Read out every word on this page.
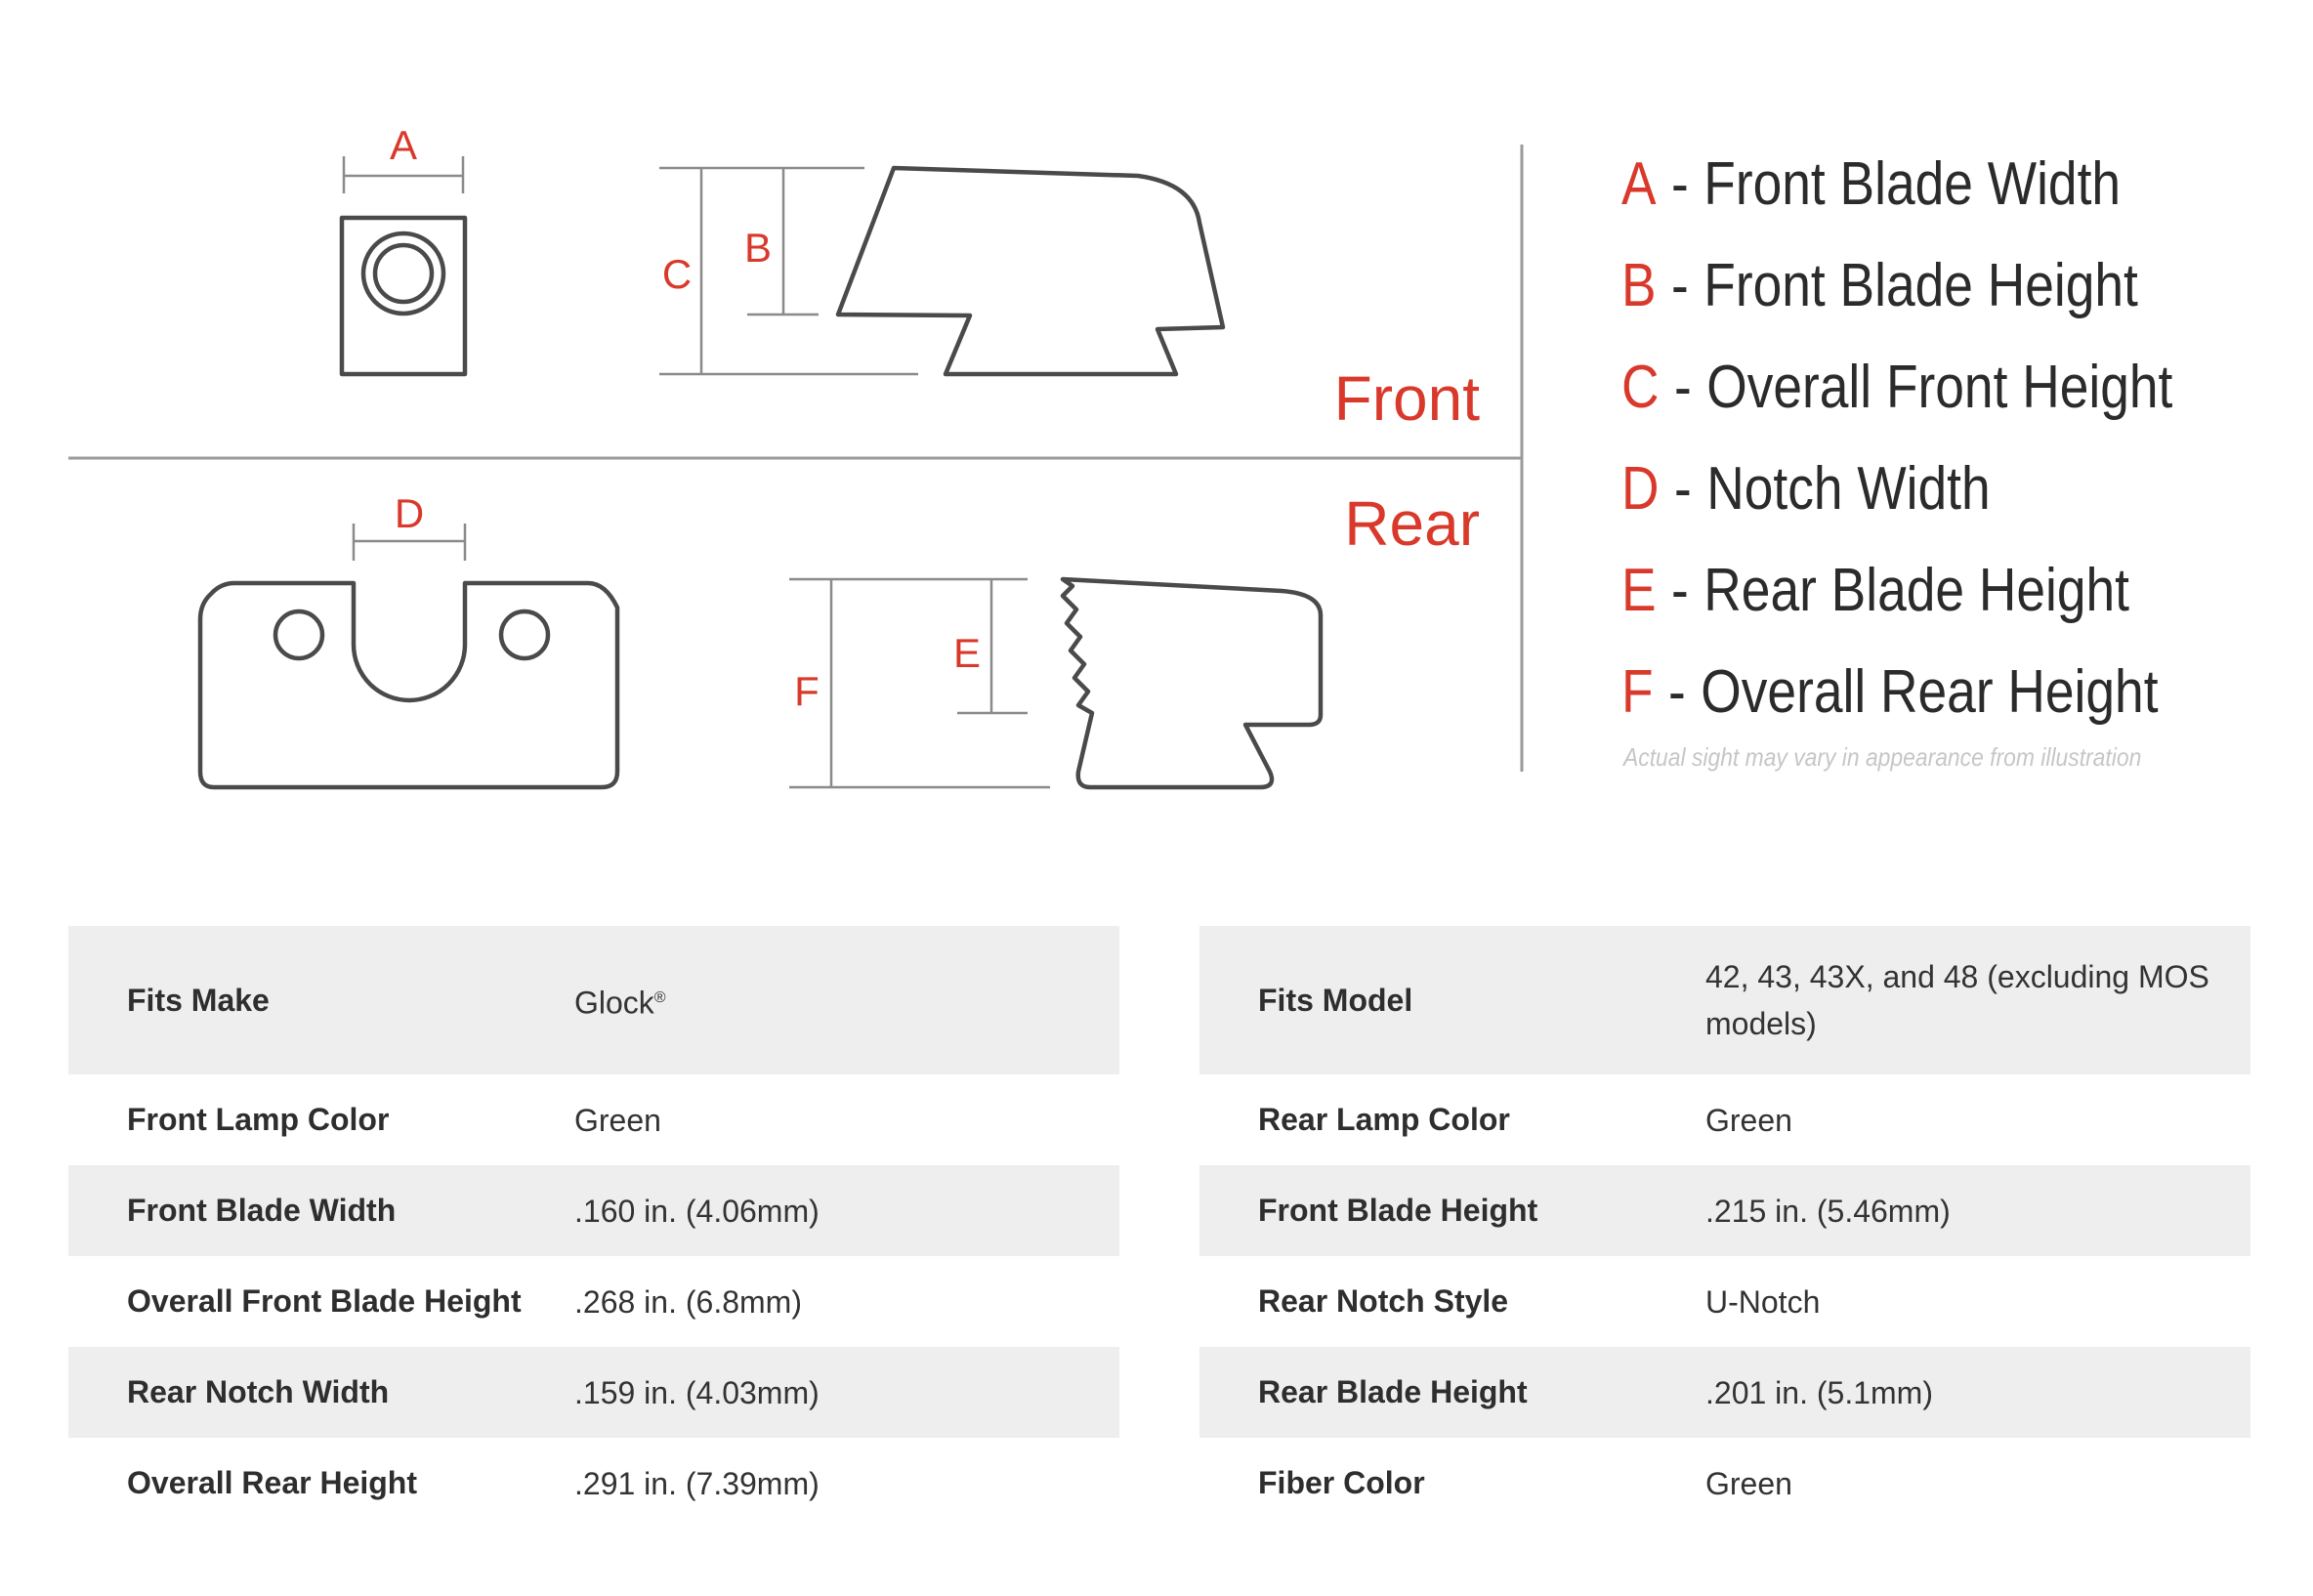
A
C
B
Front
Rear
D
F
E
A - Front Blade Width
B - Front Blade Height
C - Overall Front Height
D - Notch Width
E - Rear Blade Height
F - Overall Rear Height
Actual sight may vary in appearance from illustration
Fits Make	Glock®
Front Lamp Color	Green
Front Blade Width	.160 in. (4.06mm)
Overall Front Blade Height	.268 in. (6.8mm)
Rear Notch Width	.159 in. (4.03mm)
Overall Rear Height	.291 in. (7.39mm)
Fits Model	42, 43, 43X, and 48 (excluding MOS models)
Rear Lamp Color	Green
Front Blade Height	.215 in. (5.46mm)
Rear Notch Style	U-Notch
Rear Blade Height	.201 in. (5.1mm)
Fiber Color	Green
